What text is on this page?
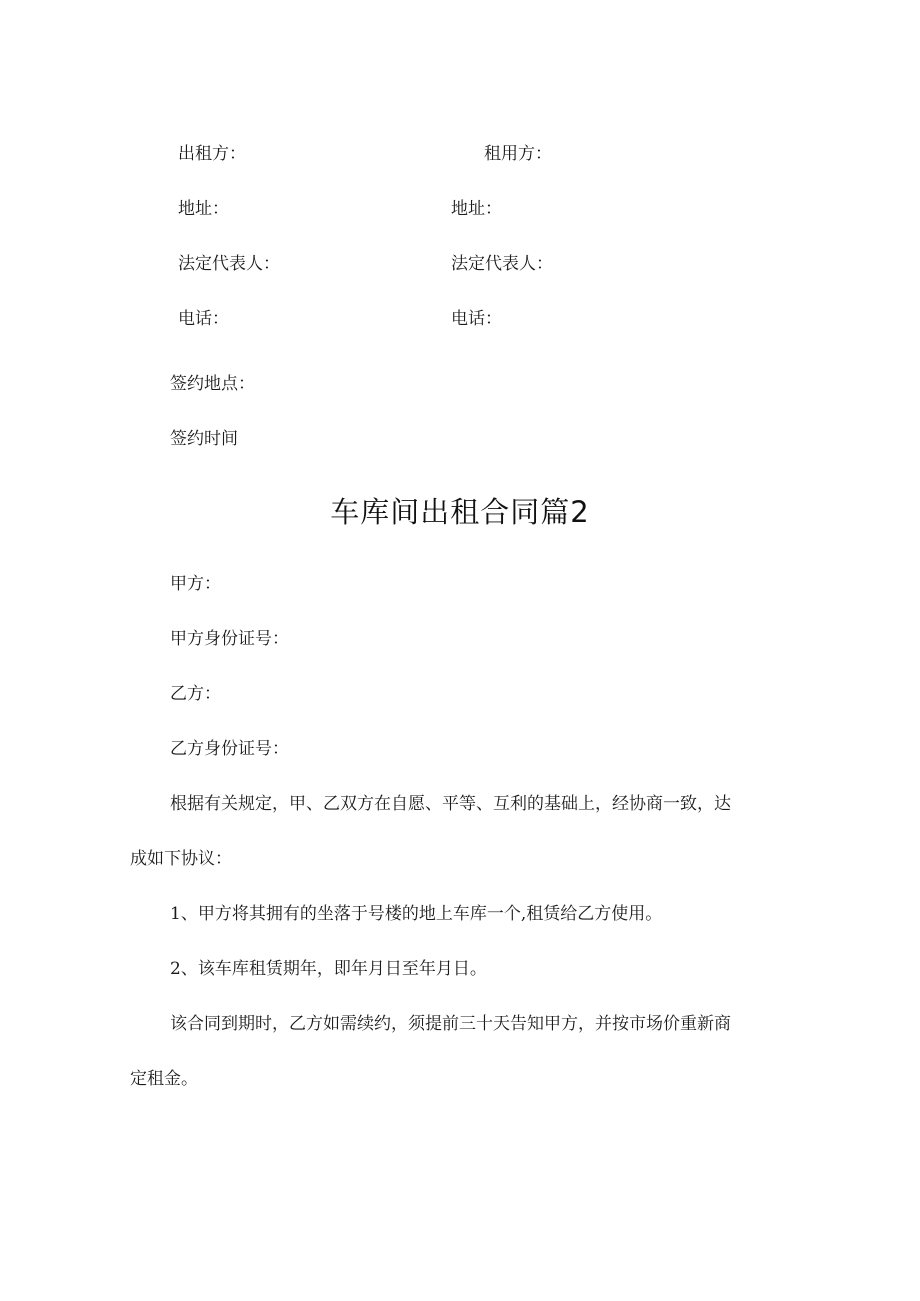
出租方：	租用方：
地址：	地址：
法定代表人：	法定代表人：
电话：	电话：
签约地点：
签约时间
车库间出租合同篇2
甲方：
甲方身份证号：
乙方：
乙方身份证号：
根据有关规定，甲、乙双方在自愿、平等、互利的基础上，经协商一致，达
成如下协议：
1、甲方将其拥有的坐落于号楼的地上车库一个,租赁给乙方使用。
2、该车库租赁期年，即年月日至年月日。
该合同到期时，乙方如需续约，须提前三十天告知甲方，并按市场价重新商
定租金。
